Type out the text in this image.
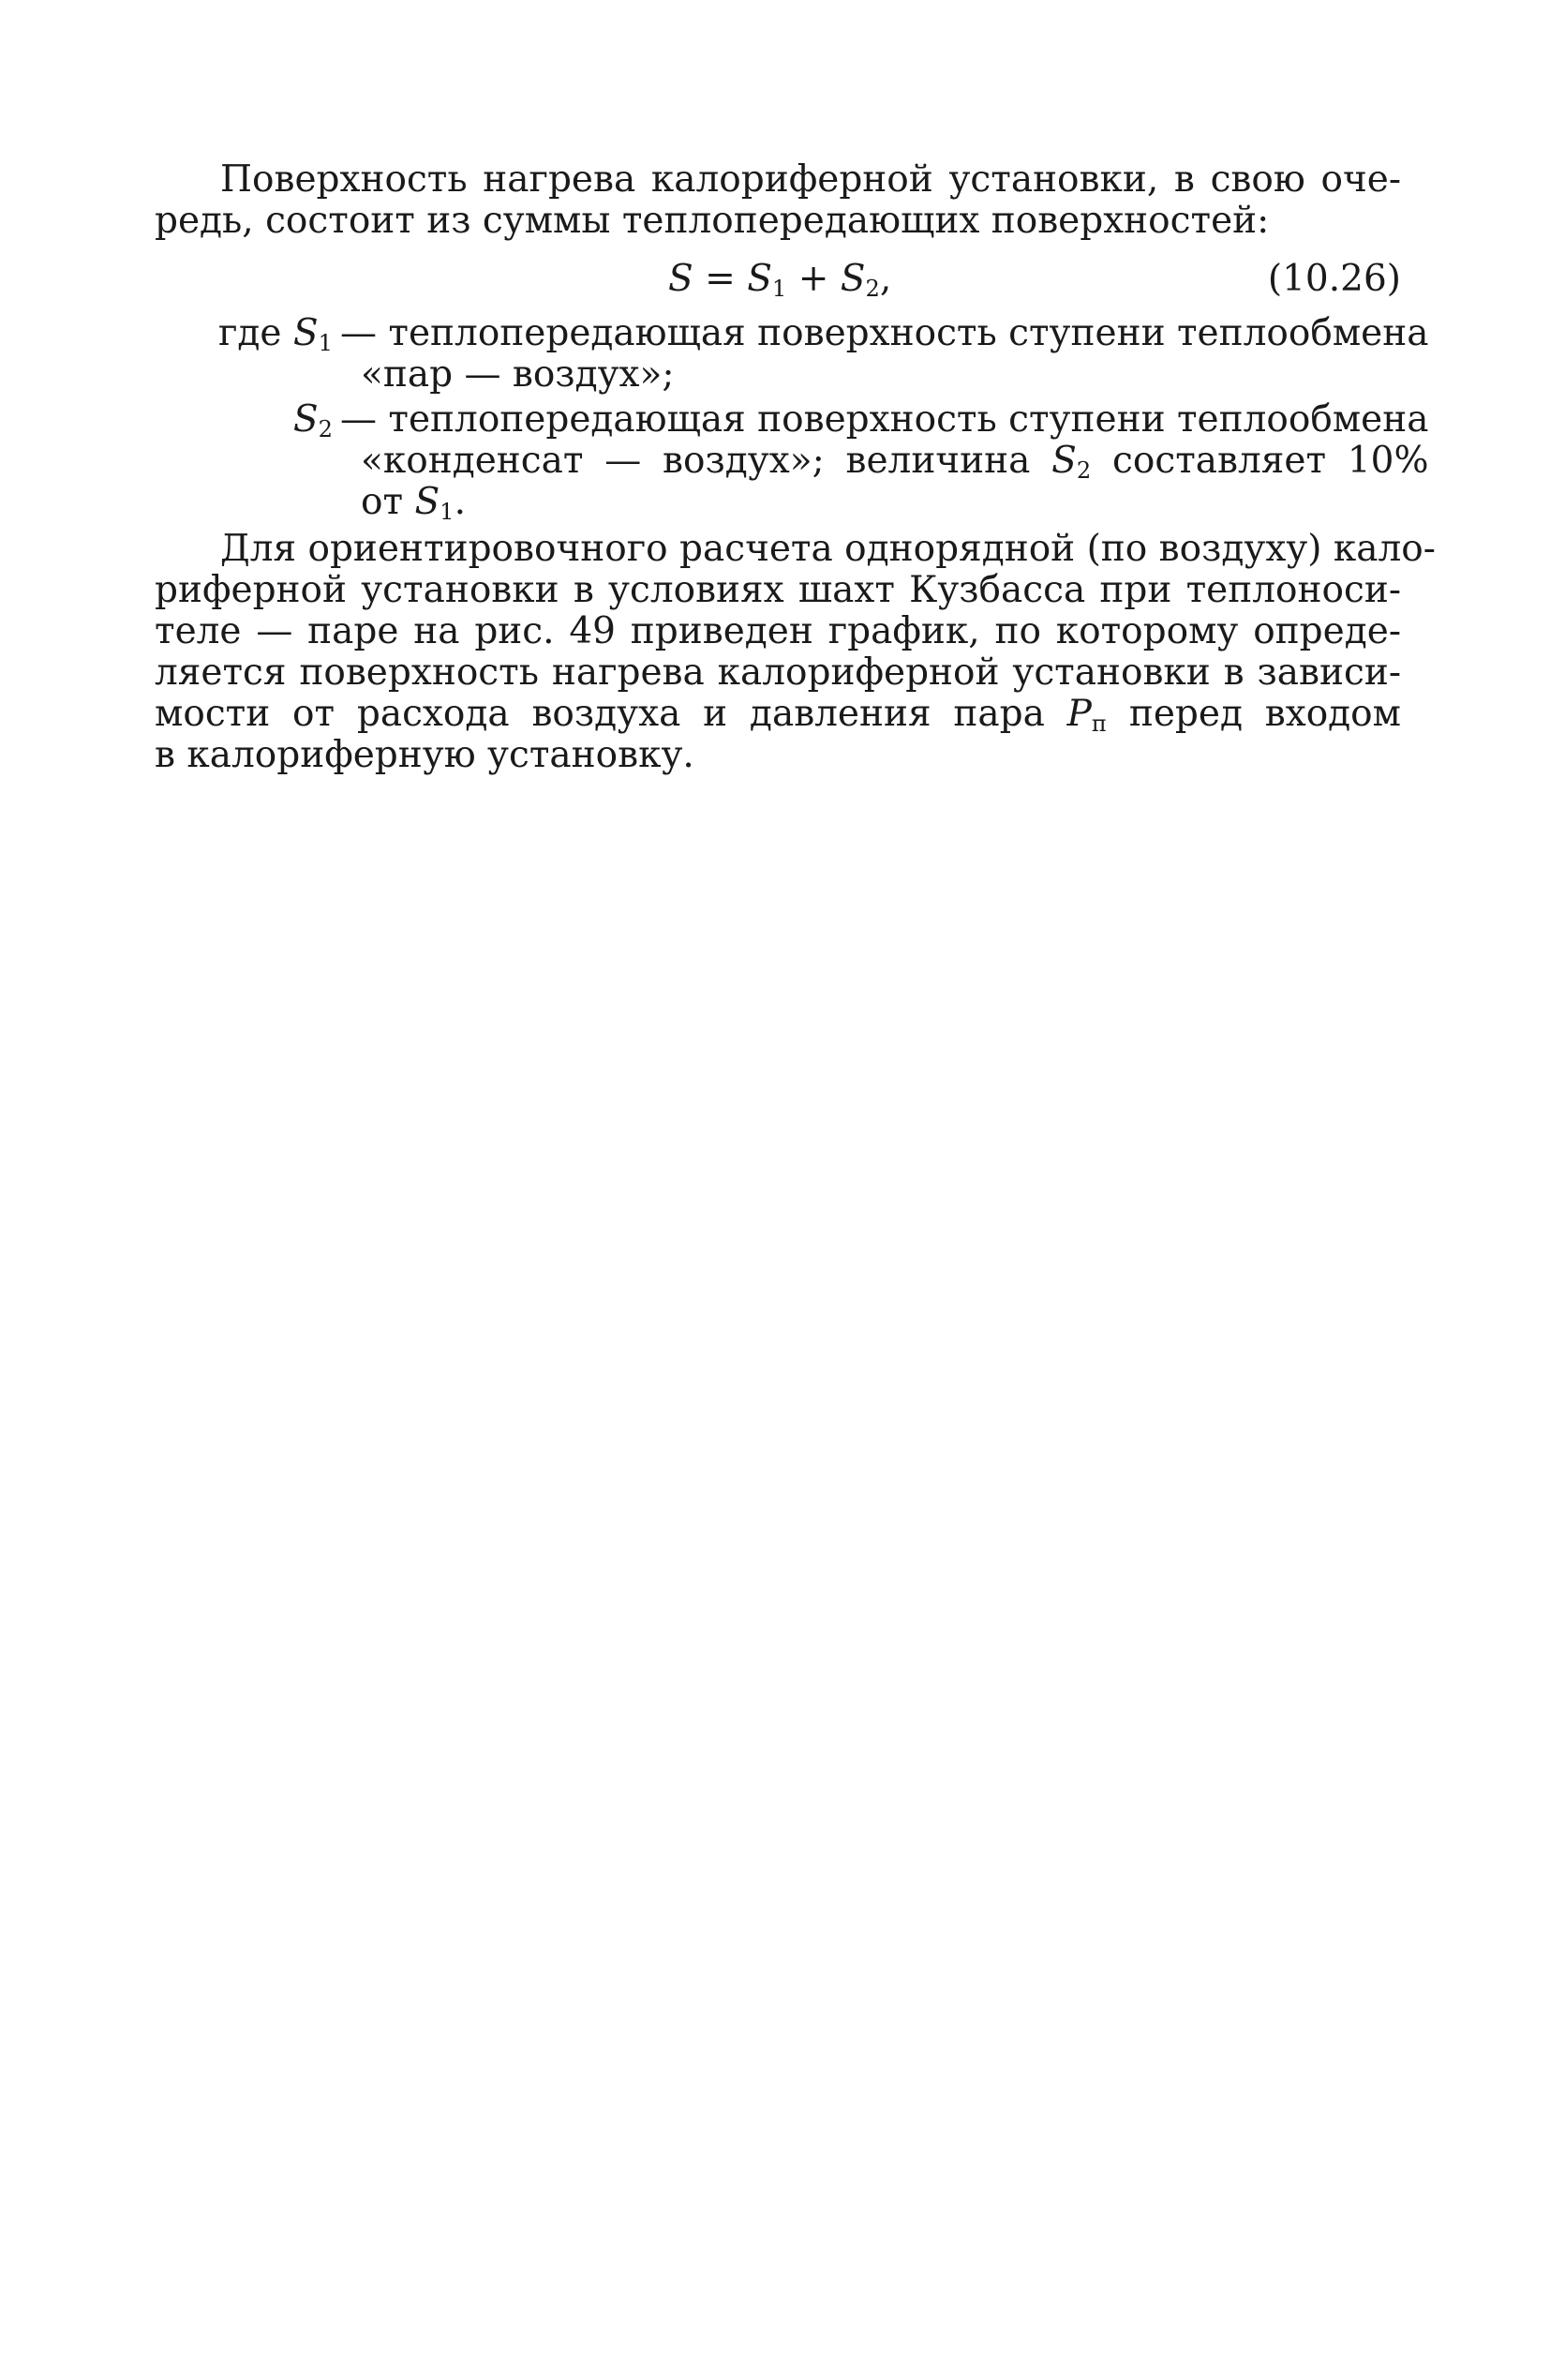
Поверхность нагрева калориферной установки, в свою оче-
редь, состоит из суммы теплопередающих поверхностей:
$S = S_1 + S_2$,	(10.26)
где $S_1$ — теплопередающая поверхность ступени теплообмена
«пар — воздух»;
$S_2$ — теплопередающая поверхность ступени теплообмена
«конденсат — воздух»; величина $S_2$ составляет 10%
от $S_1$.
Для ориентировочного расчета однорядной (по воздуху) кало-
риферной установки в условиях шахт Кузбасса при теплоноси-
теле — паре на рис. 49 приведен график, по которому опреде-
ляется поверхность нагрева калориферной установки в зависи-
мости от расхода воздуха и давления пара $P_п$ перед входом
в калориферную установку.
